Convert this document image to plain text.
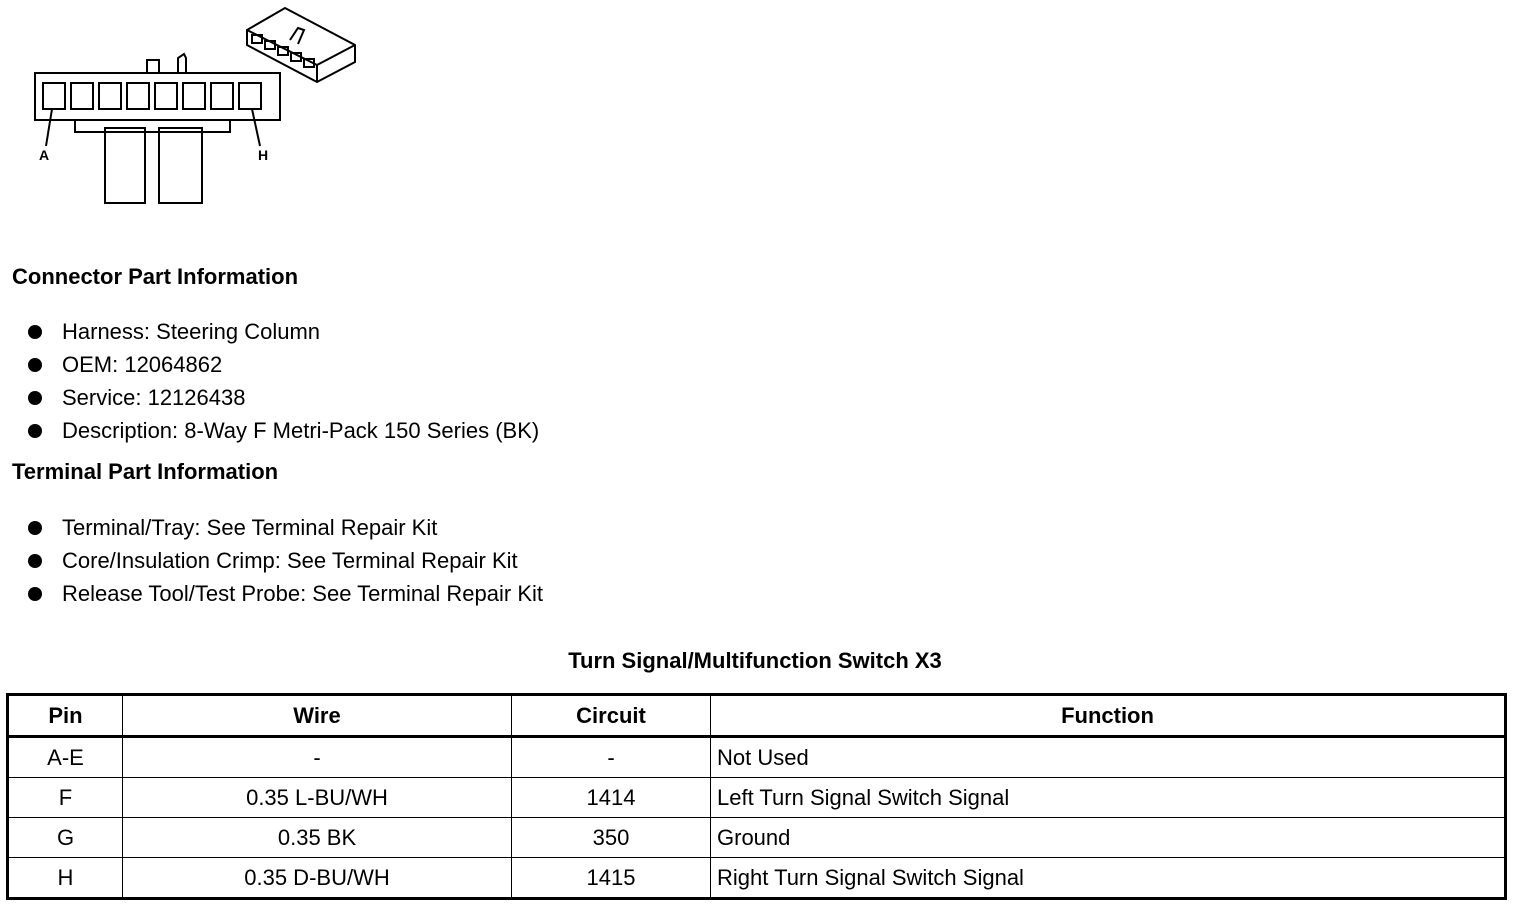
A	H
Connector Part Information
Harness: Steering Column
OEM: 12064862
Service: 12126438
Description: 8-Way F Metri-Pack 150 Series (BK)
Terminal Part Information
Terminal/Tray: See Terminal Repair Kit
Core/Insulation Crimp: See Terminal Repair Kit
Release Tool/Test Probe: See Terminal Repair Kit
Turn Signal/Multifunction Switch X3
Pin	Wire	Circuit	Function
A-E	-	-	Not Used
F	0.35 L-BU/WH	1414	Left Turn Signal Switch Signal
G	0.35 BK	350	Ground
H	0.35 D-BU/WH	1415	Right Turn Signal Switch Signal
